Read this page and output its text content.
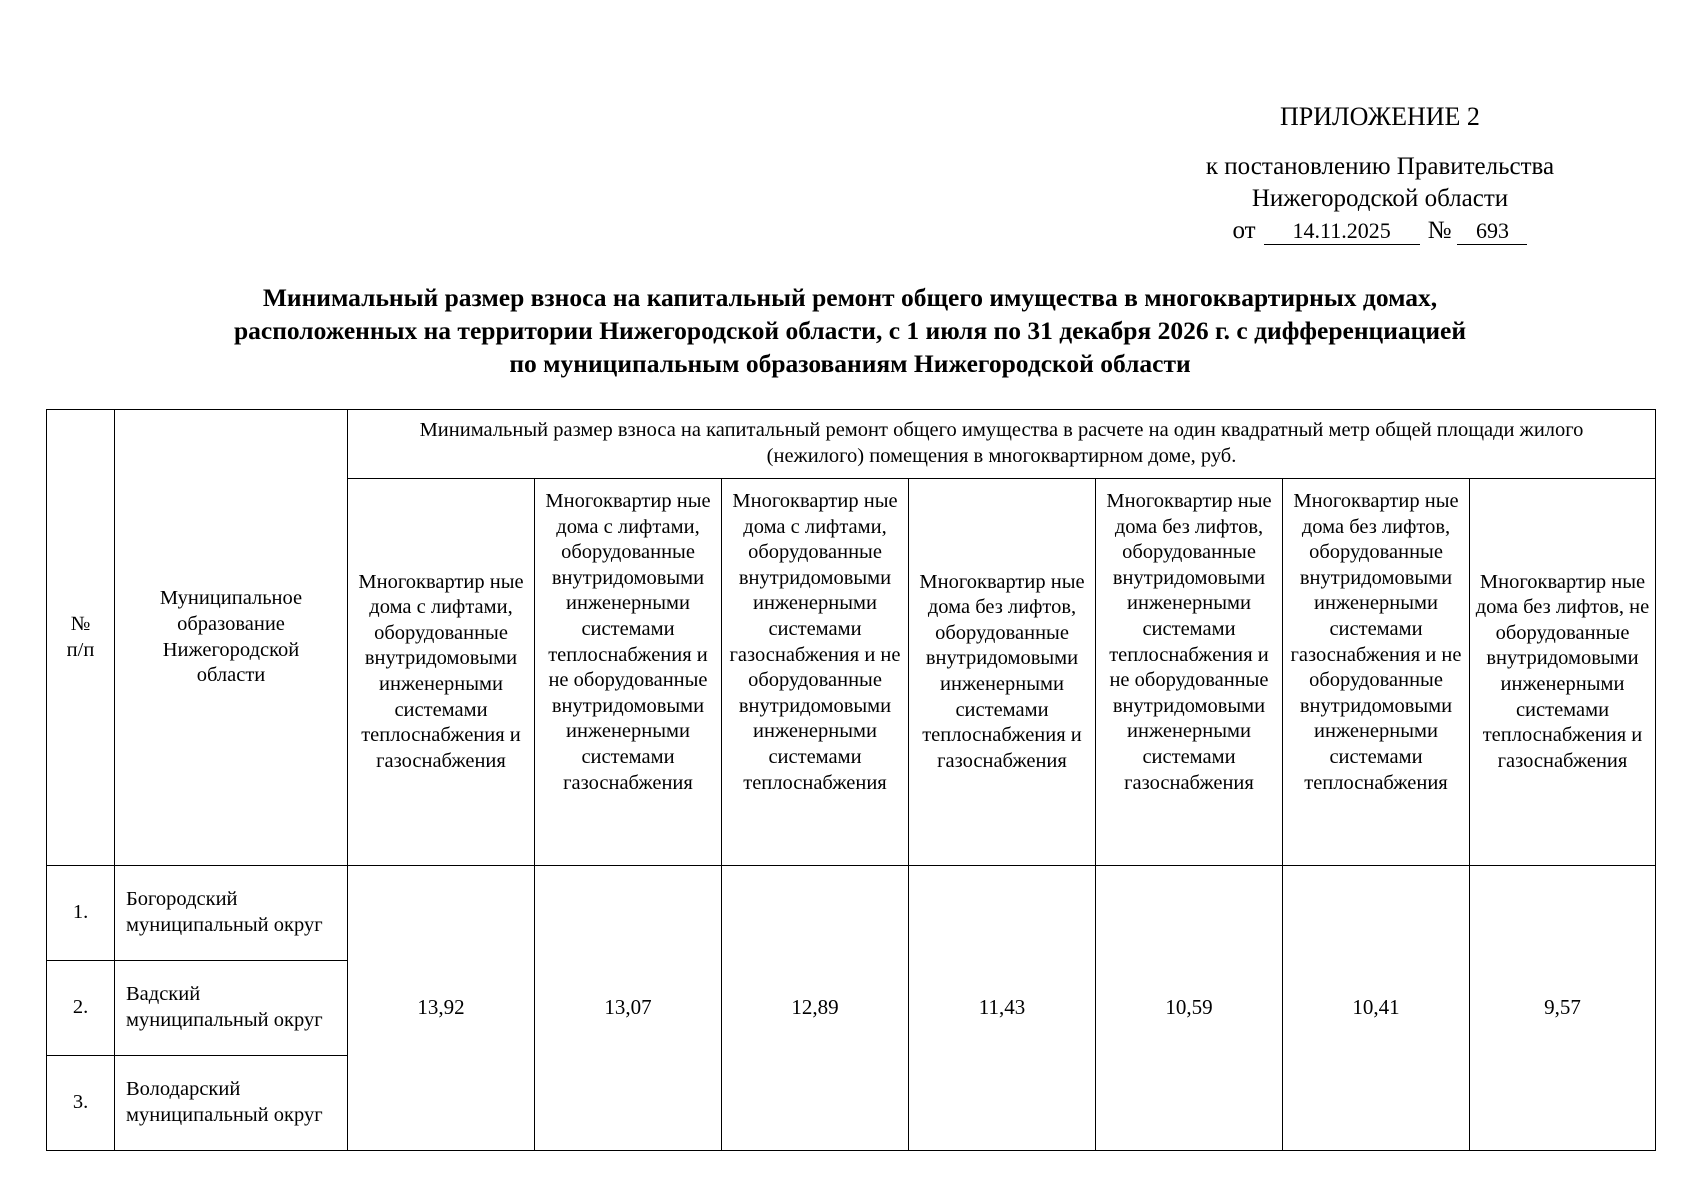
ПРИЛОЖЕНИЕ 2
к постановлению Правительства
Нижегородской области
от 14.11.2025 № 693
Минимальный размер взноса на капитальный ремонт общего имущества в многоквартирных домах,
расположенных на территории Нижегородской области, с 1 июля по 31 декабря 2026 г. с дифференциацией
по муниципальным образованиям Нижегородской области
№ п/п	Муниципальное образование Нижегородской области	Минимальный размер взноса на капитальный ремонт общего имущества в расчете на один квадратный метр общей площади жилого (нежилого) помещения в многоквартирном доме, руб.						

		Многоквартир ные дома с лифтами, оборудованные внутридомовыми инженерными системами теплоснабжения и газоснабжения	Многоквартир ные дома с лифтами, оборудованные внутридомовыми инженерными системами теплоснабжения и не оборудованные внутридомовыми инженерными системами газоснабжения	Многоквартир ные дома с лифтами, оборудованные внутридомовыми инженерными системами газоснабжения и не оборудованные внутридомовыми инженерными системами теплоснабжения	Многоквартир ные дома без лифтов, оборудованные внутридомовыми инженерными системами теплоснабжения и газоснабжения	Многоквартир ные дома без лифтов, оборудованные внутридомовыми инженерными системами теплоснабжения и не оборудованные внутридомовыми инженерными системами газоснабжения	Многоквартир ные дома без лифтов, оборудованные внутридомовыми инженерными системами газоснабжения и не оборудованные внутридомовыми инженерными системами теплоснабжения	Многоквартир ные дома без лифтов, не оборудованные внутридомовыми инженерными системами теплоснабжения и газоснабжения

1.	Богородский муниципальный округ	13,92	13,07	12,89	11,43	10,59	10,41	9,57
2.	Вадский муниципальный округ							
3.	Володарский муниципальный округ							
